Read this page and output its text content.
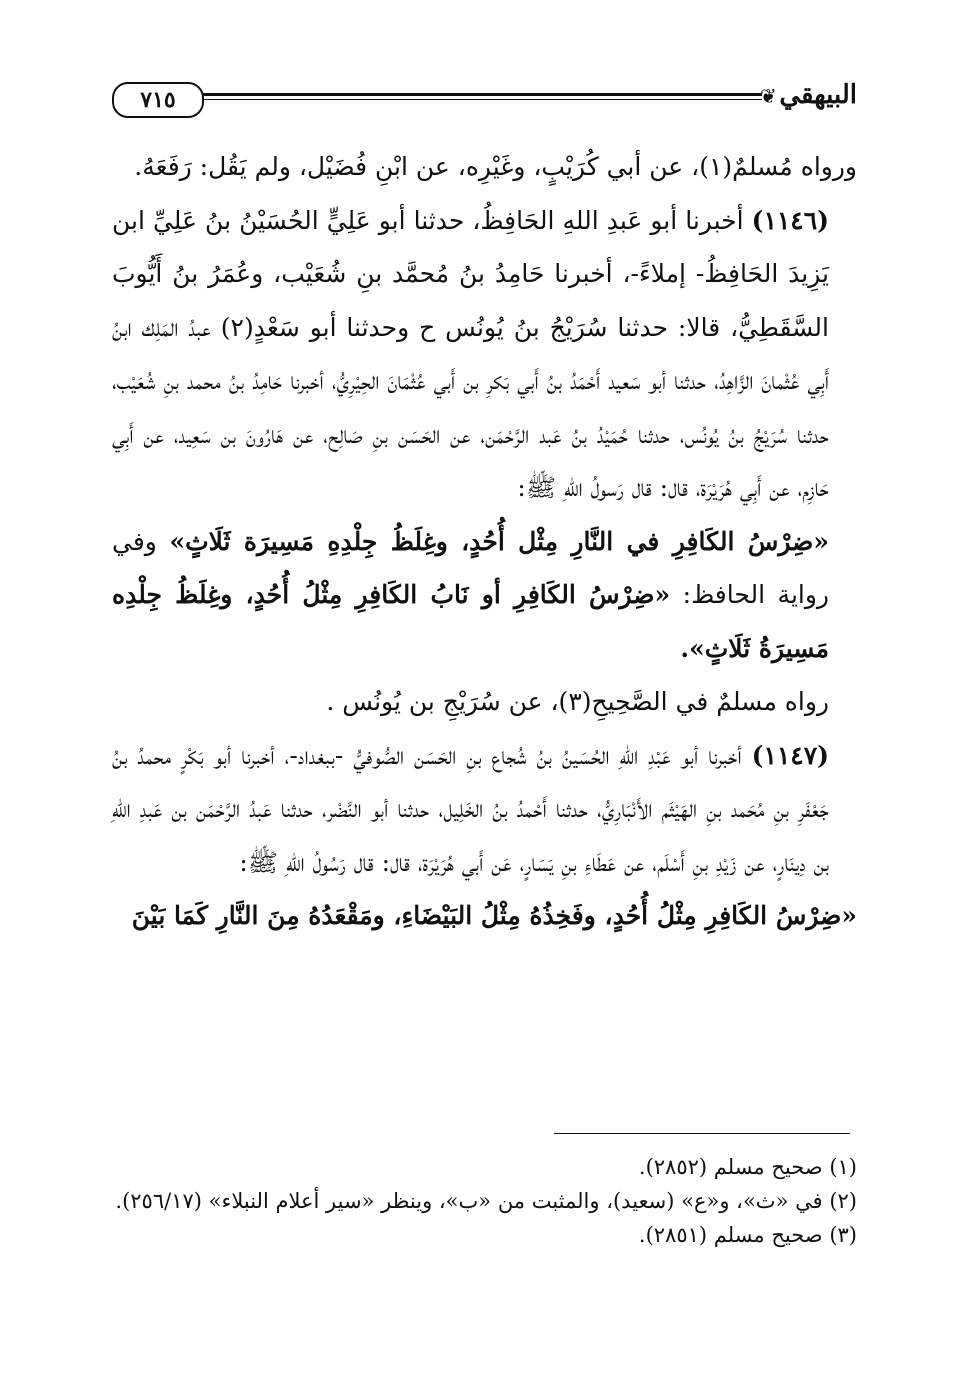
٧١٥	❦ البيهقي

ورواه مُسلمٌ(١)، عن أبي كُرَيْبٍ، وغَيْرِه، عن ابْنِ فُضَيْل، ولم يَقُل: رَفَعَهُ.

(١١٤٦) أخبرنا أبو عَبدِ اللهِ الحَافِظُ، حدثنا أبو عَلِيٍّ الحُسَيْنُ بنُ عَلِيِّ ابن يَزِيدَ الحَافِظُ- إملاءً-، أخبرنا حَامِدُ بنُ مُحمَّد بنِ شُعَيْب، وعُمَرُ بنُ أَيُّوبَ السَّقَطِيُّ، قالا: حدثنا سُرَيْجُ بنُ يُونُس ح وحدثنا أبو سَعْدٍ(٢) عبدُ المَلِك ابنُ أَبِي عُثْمانَ الزَّاهِدُ، حدثنا أبو سَعيد أَحْمَدُ بنُ أَبي بَكرِ بن أَبي عُثْمَانَ الحِيْرِيُّ، أخبرنا حَامِدُ بنُ محمد بنِ شُعَيْب، حدثنا سُرَيْجُ بنُ يُونُس، حدثنا حُمَيْدُ بنُ عَبد الرَّحْمَن، عن الحَسَن بنِ صَالِح، عن هَارُونَ بن سَعِيد، عن أَبِي حَازِم، عن أَبِي هُرَيْرَة، قال: قال رَسولُ اللهِ ﷺ:

«ضِرْسُ الكَافِرِ في النَّارِ مِثْل أُحُدٍ، وغِلَظُ جِلْدِهِ مَسِيرَة ثَلَاثٍ» وفي رواية الحافظ: «ضِرْسُ الكَافِرِ أو نَابُ الكَافِرِ مِثْلُ أُحُدٍ، وغِلَظُ جِلْدِه مَسِيرَةُ ثَلَاثٍ».

رواه مسلمٌ في الصَّحِيحِ(٣)، عن سُرَيْجِ بن يُونُس .

(١١٤٧) أخبرنا أبو عَبْدِ اللهِ الحُسَينُ بنُ شُجاع بنِ الحَسَن الصُّوفيُّ -ببغداد-، أخبرنا أبو بَكْرٍ محمدُ بنُ جَعْفَرِ بنِ مُحَمد بنِ الهَيْثَم الأَنْبَارِيُّ، حدثنا أَحْمدُ بنُ الخَلِيل، حدثنا أبو النَّضْر، حدثنا عَبدُ الرَّحْمَن بن عَبدِ اللهِ بن دِينَارٍ، عن زَيْدِ بنِ أَسْلَم، عن عَطَاءِ بنِ يَسَارٍ، عَن أَبي هُرَيْرَة، قال: قال رَسُولُ اللهِ ﷺ:

«ضِرْسُ الكَافِرِ مِثْلُ أُحُدٍ، وفَخِذُهُ مِثْلُ البَيْضَاءِ، ومَقْعَدُهُ مِنَ النَّارِ كَمَا بَيْنَ

(١) صحيح مسلم (٢٨٥٢).

(٢) في «ث»، و«ع» (سعيد)، والمثبت من «ب»، وينظر «سير أعلام النبلاء» (٢٥٦/١٧).

(٣) صحيح مسلم (٢٨٥١).
